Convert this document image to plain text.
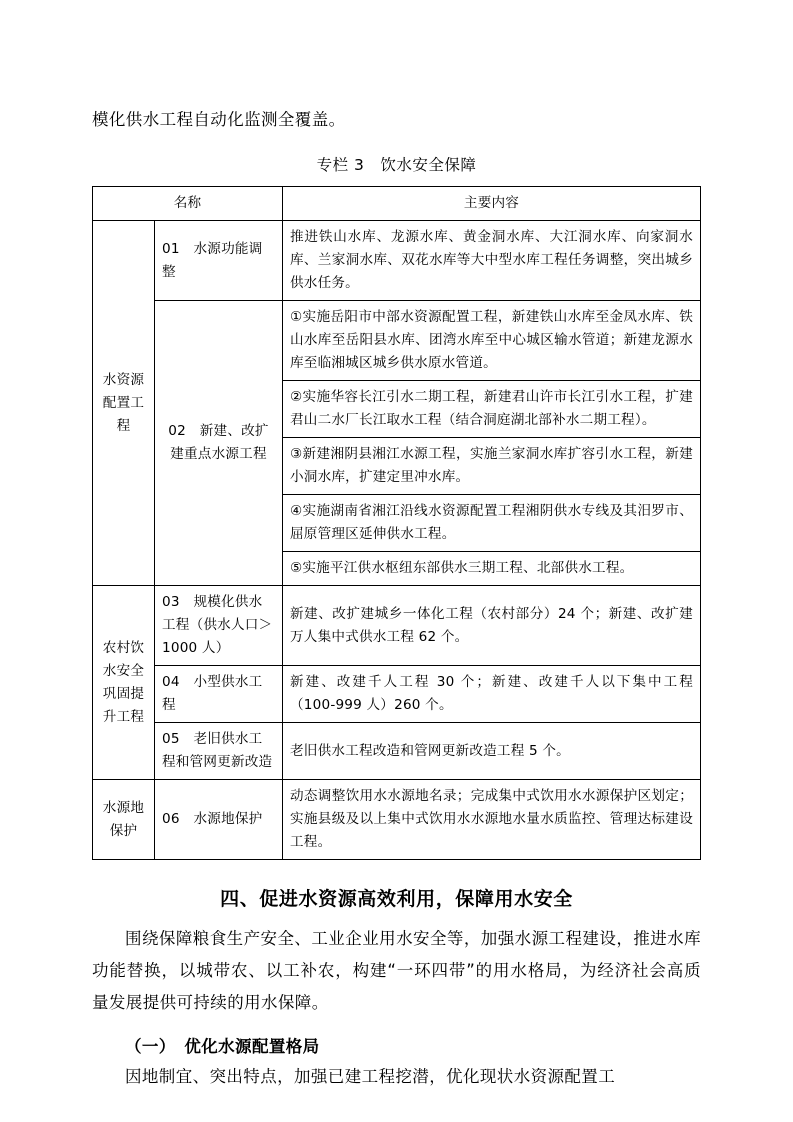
模化供水工程自动化监测全覆盖。

专栏 3　饮水安全保障
名称		主要内容
水资源配置工程	01　水源功能调整	推进铁山水库、龙源水库、黄金洞水库、大江洞水库、向家洞水库、兰家洞水库、双花水库等大中型水库工程任务调整，突出城乡供水任务。
	02　新建、改扩建重点水源工程	①实施岳阳市中部水资源配置工程，新建铁山水库至金凤水库、铁山水库至岳阳县水库、团湾水库至中心城区输水管道；新建龙源水库至临湘城区城乡供水原水管道。
		②实施华容长江引水二期工程，新建君山许市长江引水工程，扩建君山二水厂长江取水工程（结合洞庭湖北部补水二期工程）。
		③新建湘阴县湘江水源工程，实施兰家洞水库扩容引水工程，新建小洞水库，扩建定里冲水库。
		④实施湖南省湘江沿线水资源配置工程湘阴供水专线及其汨罗市、屈原管理区延伸供水工程。
		⑤实施平江供水枢纽东部供水三期工程、北部供水工程。
农村饮水安全巩固提升工程	03　规模化供水工程（供水人口＞1000 人）	新建、改扩建城乡一体化工程（农村部分）24 个；新建、改扩建万人集中式供水工程 62 个。
	04　小型供水工程	新建、改建千人工程 30 个；新建、改建千人以下集中工程（100-999 人）260 个。
	05　老旧供水工程和管网更新改造	老旧供水工程改造和管网更新改造工程 5 个。
水源地保护	06　水源地保护	动态调整饮用水水源地名录；完成集中式饮用水水源保护区划定；实施县级及以上集中式饮用水水源地水量水质监控、管理达标建设工程。
四、促进水资源高效利用，保障用水安全

围绕保障粮食生产安全、工业企业用水安全等，加强水源工程建设，推进水库功能替换，以城带农、以工补农，构建“一环四带”的用水格局，为经济社会高质量发展提供可持续的用水保障。

（一）　优化水源配置格局

因地制宜、突出特点，加强已建工程挖潜，优化现状水资源配置工
